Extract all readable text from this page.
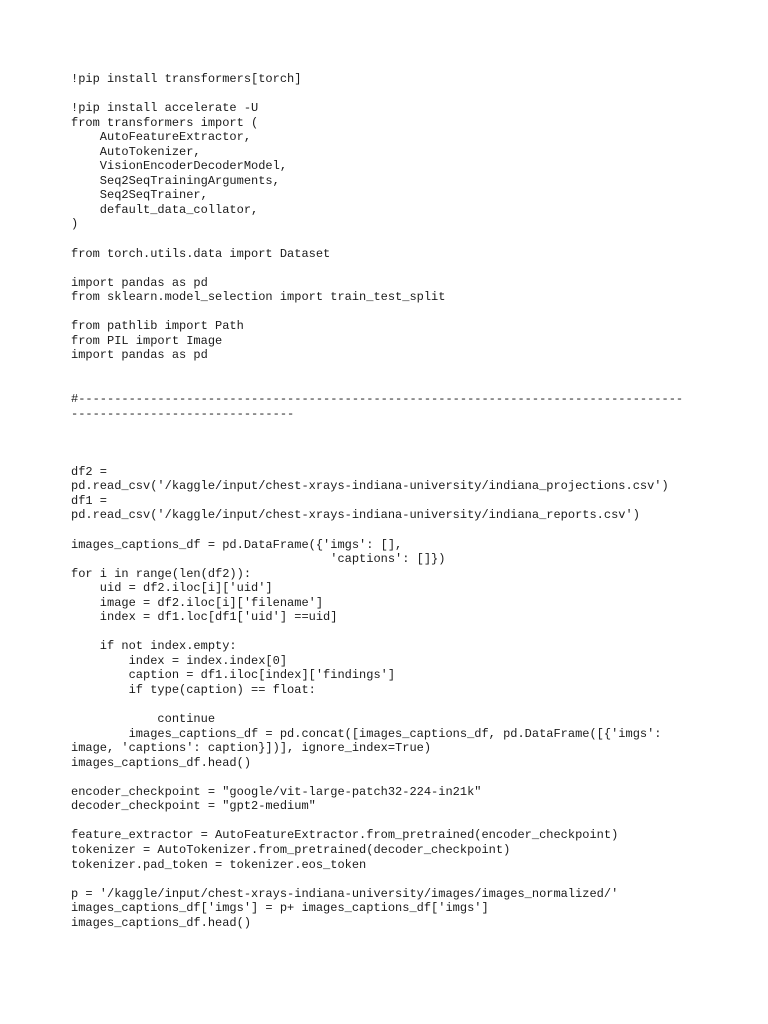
!pip install transformers[torch]
!pip install accelerate -U
from transformers import (
AutoFeatureExtractor,
AutoTokenizer,
VisionEncoderDecoderModel,
Seq2SeqTrainingArguments,
Seq2SeqTrainer,
default_data_collator,
)
from torch.utils.data import Dataset
import pandas as pd
from sklearn.model_selection import train_test_split
from pathlib import Path
from PIL import Image
import pandas as pd
#------------------------------------------------------------------------------------
-------------------------------
df2 =
pd.read_csv('/kaggle/input/chest-xrays-indiana-university/indiana_projections.csv')
df1 =
pd.read_csv('/kaggle/input/chest-xrays-indiana-university/indiana_reports.csv')
images_captions_df = pd.DataFrame({'imgs': [],
'captions': []})
for i in range(len(df2)):
uid = df2.iloc[i]['uid']
image = df2.iloc[i]['filename']
index = df1.loc[df1['uid'] ==uid]
if not index.empty:
index = index.index[0]
caption = df1.iloc[index]['findings']
if type(caption) == float:
continue
images_captions_df = pd.concat([images_captions_df, pd.DataFrame([{'imgs':
image, 'captions': caption}])], ignore_index=True)
images_captions_df.head()
encoder_checkpoint = "google/vit-large-patch32-224-in21k"
decoder_checkpoint = "gpt2-medium"
feature_extractor = AutoFeatureExtractor.from_pretrained(encoder_checkpoint)
tokenizer = AutoTokenizer.from_pretrained(decoder_checkpoint)
tokenizer.pad_token = tokenizer.eos_token
p = '/kaggle/input/chest-xrays-indiana-university/images/images_normalized/'
images_captions_df['imgs'] = p+ images_captions_df['imgs']
images_captions_df.head()
